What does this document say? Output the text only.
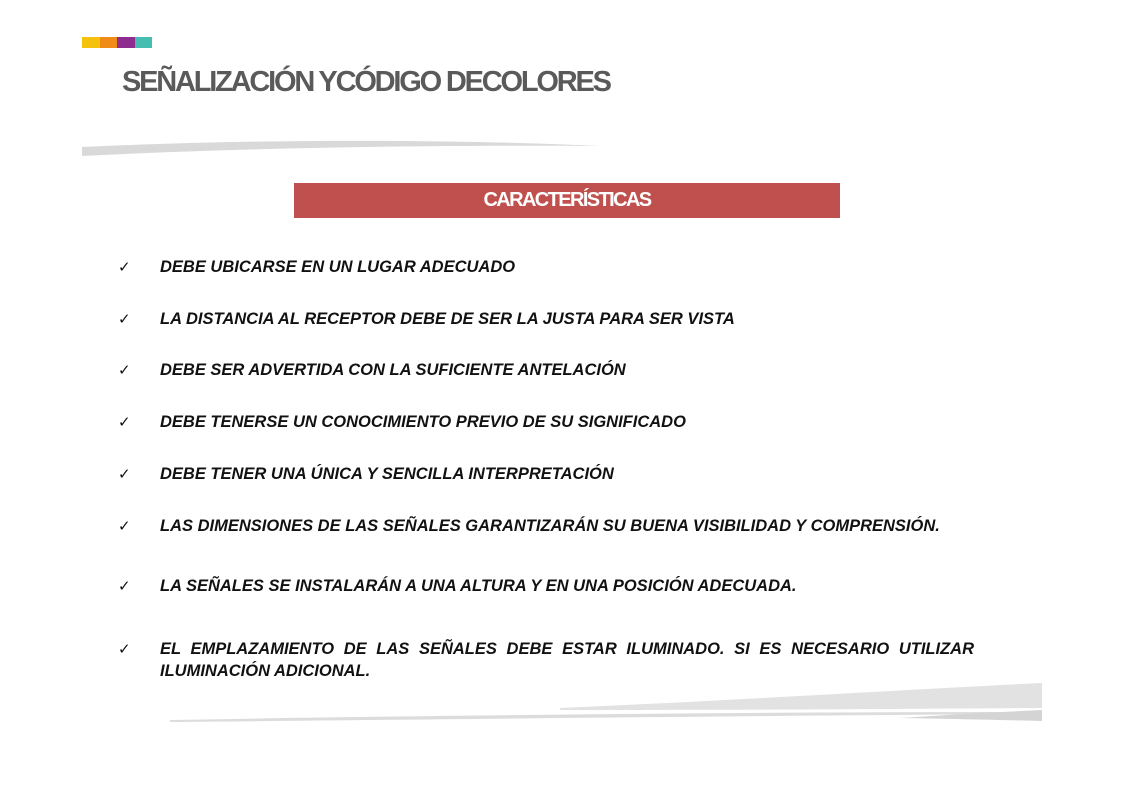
SEÑALIZACIÓN YCÓDIGO DECOLORES
CARACTERÍSTICAS
✓	DEBE UBICARSE EN UN LUGAR ADECUADO
✓	LA DISTANCIA AL RECEPTOR DEBE DE SER LA JUSTA PARA SER VISTA
✓	DEBE SER ADVERTIDA CON LA SUFICIENTE ANTELACIÓN
✓	DEBE TENERSE UN CONOCIMIENTO PREVIO DE SU SIGNIFICADO
✓	DEBE TENER UNA ÚNICA Y SENCILLA INTERPRETACIÓN
✓	LAS DIMENSIONES DE LAS SEÑALES GARANTIZARÁN SU BUENA VISIBILIDAD Y COMPRENSIÓN.
✓	LA SEÑALES SE INSTALARÁN A UNA ALTURA Y EN UNA POSICIÓN ADECUADA.
✓	EL EMPLAZAMIENTO DE LAS SEÑALES DEBE ESTAR ILUMINADO. SI ES NECESARIO UTILIZAR ILUMINACIÓN ADICIONAL.
